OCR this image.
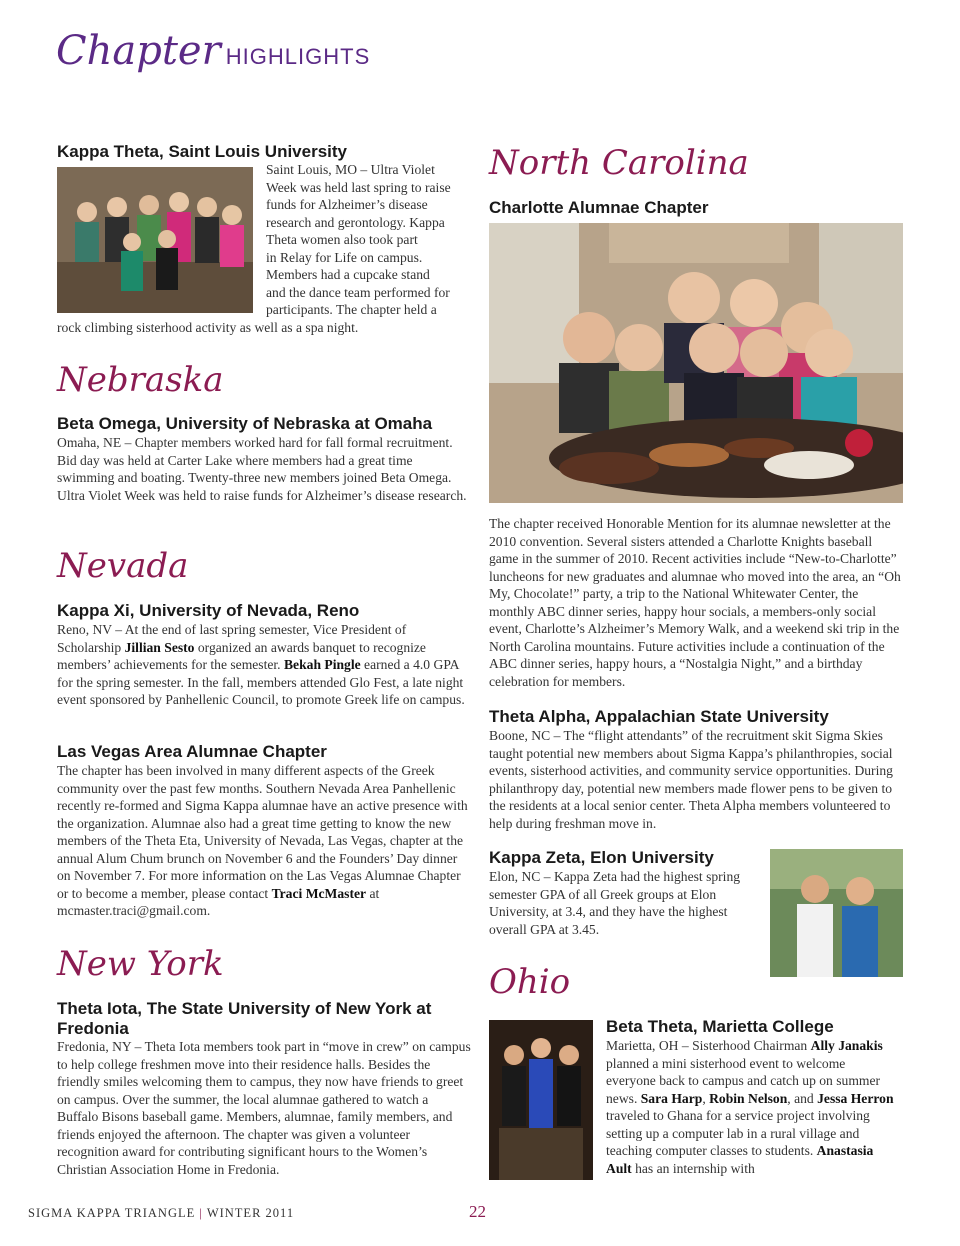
Chapter HIGHLIGHTS
Kappa Theta, Saint Louis University
Saint Louis, MO – Ultra Violet
Week was held last spring to raise
funds for Alzheimer’s disease
research and gerontology. Kappa
Theta women also took part
in Relay for Life on campus.
Members had a cupcake stand
and the dance team performed for
participants. The chapter held a
rock climbing sisterhood activity as well as a spa night.
Nebraska
Beta Omega, University of Nebraska at Omaha
Omaha, NE – Chapter members worked hard for fall formal recruitment. Bid day was held at Carter Lake where members had a great time swimming and boating. Twenty-three new members joined Beta Omega. Ultra Violet Week was held to raise funds for Alzheimer’s disease research.
Nevada
Kappa Xi, University of Nevada, Reno
Reno, NV – At the end of last spring semester, Vice President of Scholarship Jillian Sesto organized an awards banquet to recognize members’ achievements for the semester. Bekah Pingle earned a 4.0 GPA for the spring semester. In the fall, members attended Glo Fest, a late night event sponsored by Panhellenic Council, to promote Greek life on campus.
Las Vegas Area Alumnae Chapter
The chapter has been involved in many different aspects of the Greek community over the past few months. Southern Nevada Area Panhellenic recently re-formed and Sigma Kappa alumnae have an active presence with the organization. Alumnae also had a great time getting to know the new members of the Theta Eta, University of Nevada, Las Vegas, chapter at the annual Alum Chum brunch on November 6 and the Founders’ Day dinner on November 7. For more information on the Las Vegas Alumnae Chapter or to become a member, please contact Traci McMaster at mcmaster.traci@gmail.com.
New York
Theta Iota, The State University of New York at Fredonia
Fredonia, NY – Theta Iota members took part in “move in crew” on campus to help college freshmen move into their residence halls. Besides the friendly smiles welcoming them to campus, they now have friends to greet on campus. Over the summer, the local alumnae gathered to watch a Buffalo Bisons baseball game. Members, alumnae, family members, and friends enjoyed the afternoon. The chapter was given a volunteer recognition award for contributing significant hours to the Women’s Christian Association Home in Fredonia.
North Carolina
Charlotte Alumnae Chapter
The chapter received Honorable Mention for its alumnae newsletter at the 2010 convention. Several sisters attended a Charlotte Knights baseball game in the summer of 2010. Recent activities include “New-to-Charlotte” luncheons for new graduates and alumnae who moved into the area, an “Oh My, Chocolate!” party, a trip to the National Whitewater Center, the monthly ABC dinner series, happy hour socials, a members-only social event, Charlotte’s Alzheimer’s Memory Walk, and a weekend ski trip in the North Carolina mountains. Future activities include a continuation of the ABC dinner series, happy hours, a “Nostalgia Night,” and a birthday celebration for members.
Theta Alpha, Appalachian State University
Boone, NC – The “flight attendants” of the recruitment skit Sigma Skies taught potential new members about Sigma Kappa’s philanthropies, social events, sisterhood activities, and community service opportunities. During philanthropy day, potential new members made flower pens to be given to the residents at a local senior center. Theta Alpha members volunteered to help during freshman move in.
Kappa Zeta, Elon University
Elon, NC – Kappa Zeta had the highest spring semester GPA of all Greek groups at Elon University, at 3.4, and they have the highest overall GPA at 3.45.
Ohio
Beta Theta, Marietta College
Marietta, OH – Sisterhood Chairman Ally Janakis planned a mini sisterhood event to welcome everyone back to campus and catch up on summer news. Sara Harp, Robin Nelson, and Jessa Herron traveled to Ghana for a service project involving setting up a computer lab in a rural village and teaching computer classes to students. Anastasia Ault has an internship with
SIGMA KAPPA TRIANGLE | WINTER 2011	22
